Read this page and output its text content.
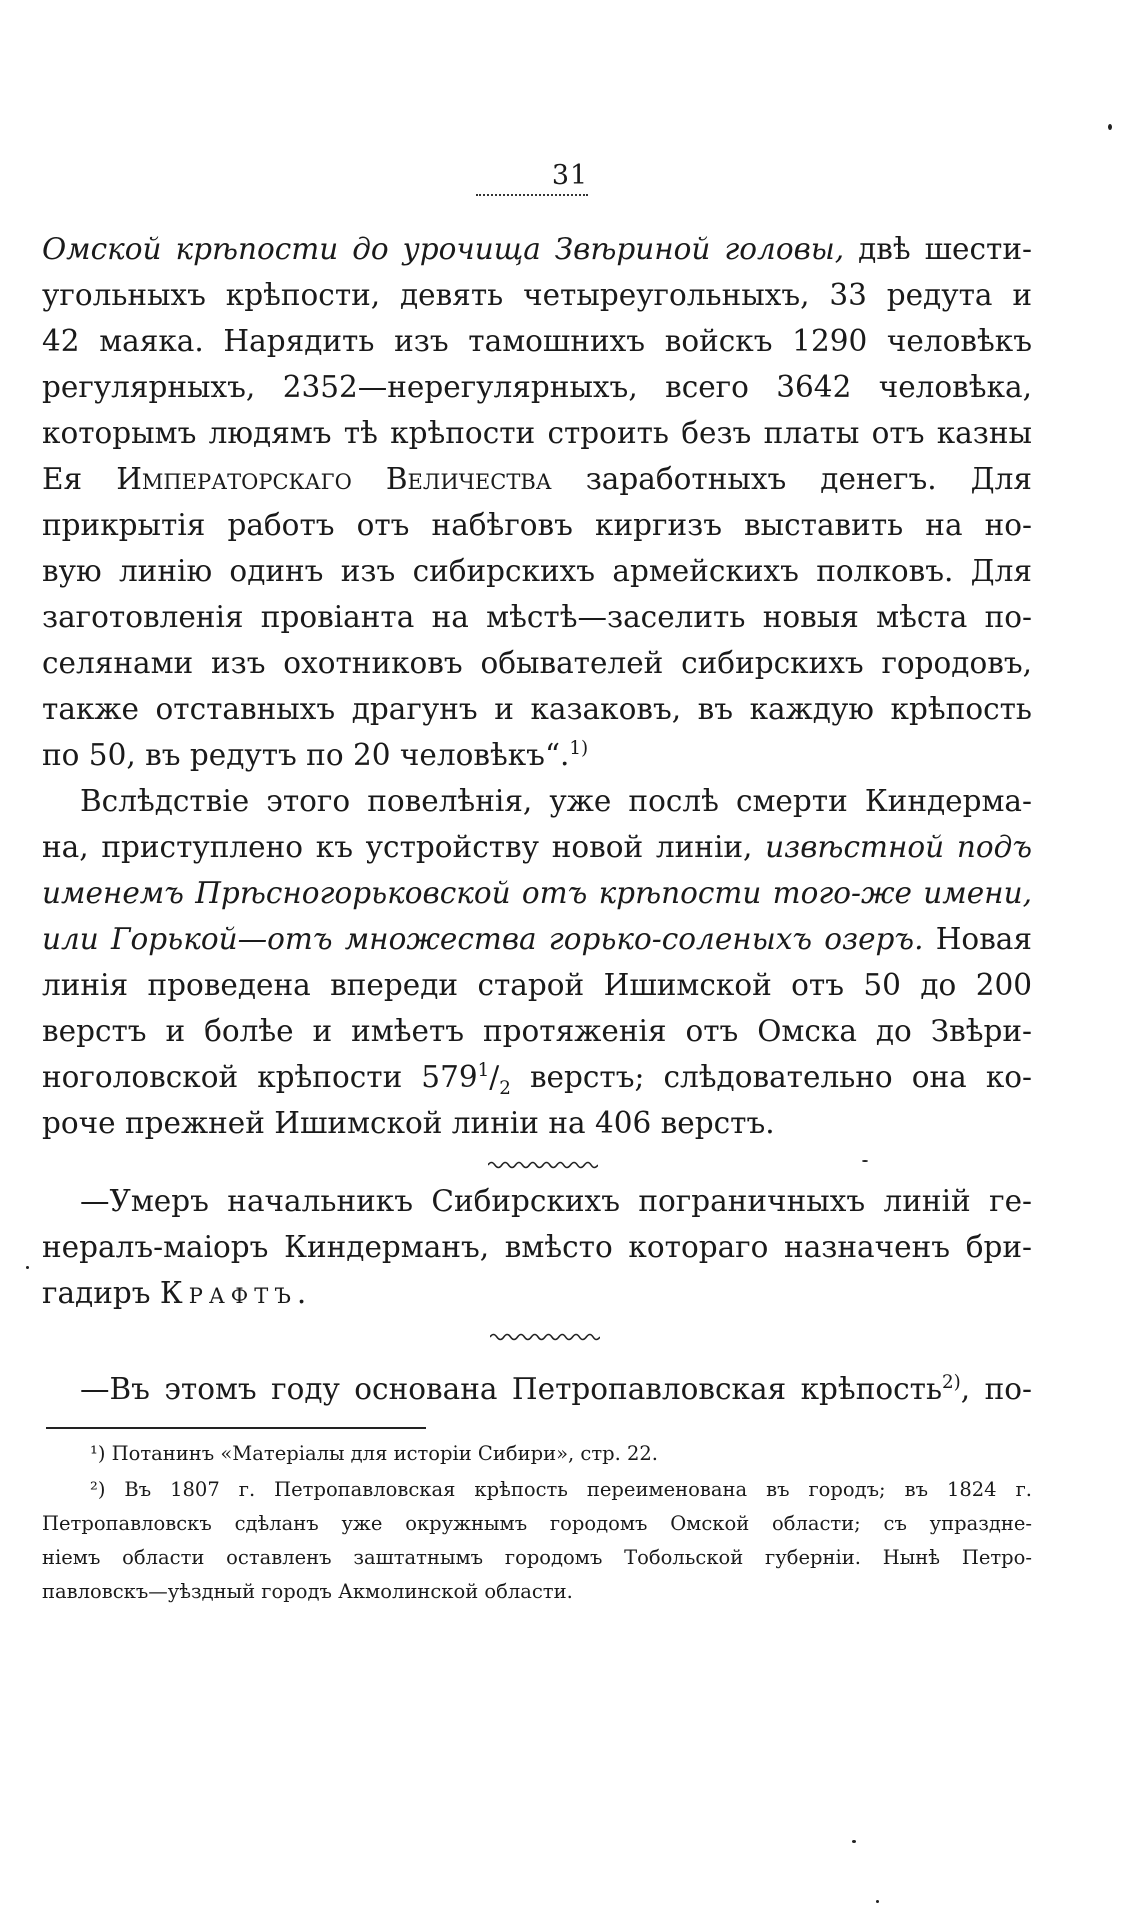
31
Омской крѣпости до урочища Звѣриной головы, двѣ шести-
угольныхъ крѣпости, девять четыреугольныхъ, 33 редута и
42 маяка. Нарядить изъ тамошнихъ войскъ 1290 человѣкъ
регулярныхъ, 2352—нерегулярныхъ, всего 3642 человѣка,
которымъ людямъ тѣ крѣпости строить безъ платы отъ казны
Ея Императорскаго Величества заработныхъ денегъ. Для
прикрытія работъ отъ набѣговъ киргизъ выставить на но-
вую линію одинъ изъ сибирскихъ армейскихъ полковъ. Для
заготовленія провіанта на мѣстѣ—заселить новыя мѣста по-
селянами изъ охотниковъ обывателей сибирскихъ городовъ,
также отставныхъ драгунъ и казаковъ, въ каждую крѣпость
по 50, въ редутъ по 20 человѣкъ“.$^{1)}$
Вслѣдствіе этого повелѣнія, уже послѣ смерти Киндерма-
на, приступлено къ устройству новой линіи, извѣстной подъ
именемъ Прѣсногорьковской отъ крѣпости того-же имени,
или Горькой—отъ множества горько-соленыхъ озеръ. Новая
линія проведена впереди старой Ишимской отъ 50 до 200
верстъ и болѣе и имѣетъ протяженія отъ Омска до Звѣри-
ноголовской крѣпости $579^1/_2$ верстъ; слѣдовательно она ко-
роче прежней Ишимской линіи на 406 верстъ.
—Умеръ начальникъ Сибирскихъ пограничныхъ линій ге-
нералъ-маіоръ Киндерманъ, вмѣсто котораго назначенъ бри-
гадиръ Крафтъ.
—Въ этомъ году основана Петропавловская крѣпость$^{2)}$, по-
¹) Потанинъ «Матеріалы для исторіи Сибири», стр. 22.
²) Въ 1807 г. Петропавловская крѣпость переименована въ городъ; въ 1824 г.
Петропавловскъ сдѣланъ уже окружнымъ городомъ Омской области; съ упраздне-
ніемъ области оставленъ заштатнымъ городомъ Тобольской губерніи. Нынѣ Петро-
павловскъ—уѣздный городъ Акмолинской области.
